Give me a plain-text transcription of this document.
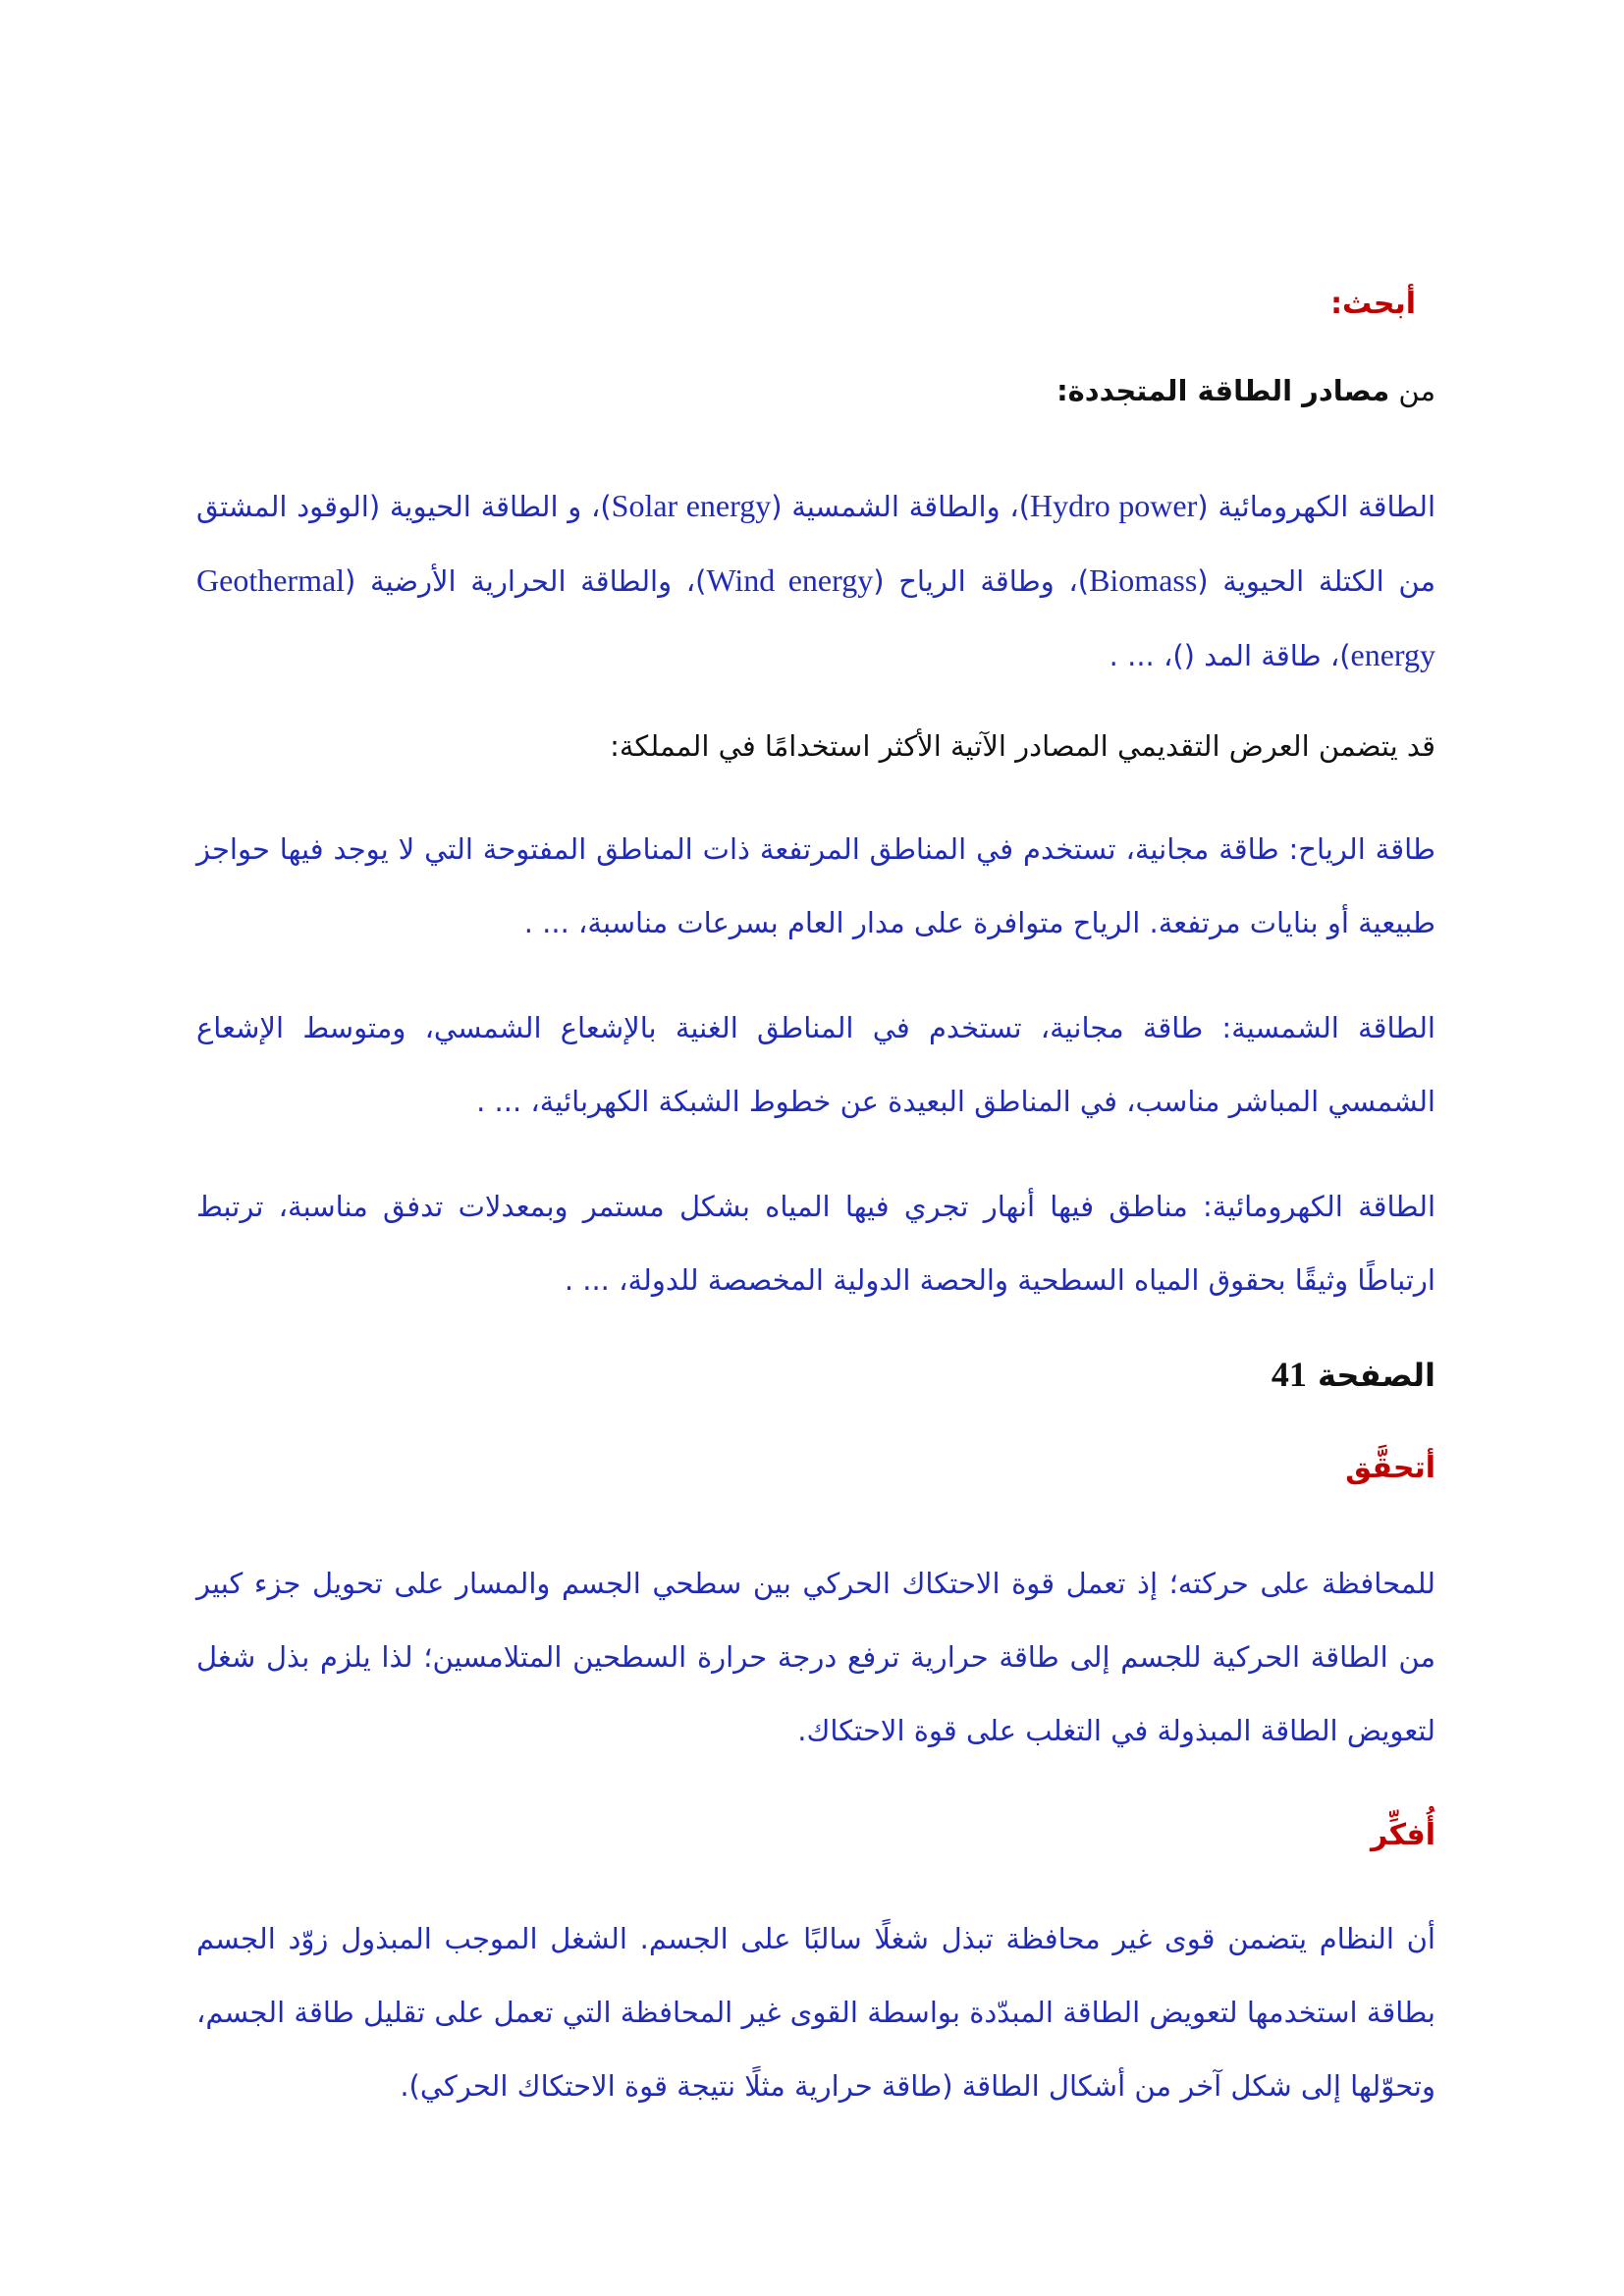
أبحث:

من مصادر الطاقة المتجددة:

الطاقة الكهرومائية (Hydro power)، والطاقة الشمسية (Solar energy)، و الطاقة الحيوية (الوقود المشتق من الكتلة الحيوية (Biomass)، وطاقة الرياح (Wind energy)، والطاقة الحرارية الأرضية (Geothermal energy)، طاقة المد ()، ... .

قد يتضمن العرض التقديمي المصادر الآتية الأكثر استخدامًا في المملكة:

طاقة الرياح: طاقة مجانية، تستخدم في المناطق المرتفعة ذات المناطق المفتوحة التي لا يوجد فيها حواجز طبيعية أو بنايات مرتفعة. الرياح متوافرة على مدار العام بسرعات مناسبة، ... .

الطاقة الشمسية: طاقة مجانية، تستخدم في المناطق الغنية بالإشعاع الشمسي، ومتوسط الإشعاع الشمسي المباشر مناسب، في المناطق البعيدة عن خطوط الشبكة الكهربائية، ... .

الطاقة الكهرومائية: مناطق فيها أنهار تجري فيها المياه بشكل مستمر وبمعدلات تدفق مناسبة، ترتبط ارتباطًا وثيقًا بحقوق المياه السطحية والحصة الدولية المخصصة للدولة، ... .

الصفحة 41

أتحقَّق

للمحافظة على حركته؛ إذ تعمل قوة الاحتكاك الحركي بين سطحي الجسم والمسار على تحويل جزء كبير من الطاقة الحركية للجسم إلى طاقة حرارية ترفع درجة حرارة السطحين المتلامسين؛ لذا يلزم بذل شغل لتعويض الطاقة المبذولة في التغلب على قوة الاحتكاك.

أُفكِّر

أن النظام يتضمن قوى غير محافظة تبذل شغلًا سالبًا على الجسم. الشغل الموجب المبذول زوّد الجسم بطاقة استخدمها لتعويض الطاقة المبدّدة بواسطة القوى غير المحافظة التي تعمل على تقليل طاقة الجسم، وتحوّلها إلى شكل آخر من أشكال الطاقة (طاقة حرارية مثلًا نتيجة قوة الاحتكاك الحركي).
